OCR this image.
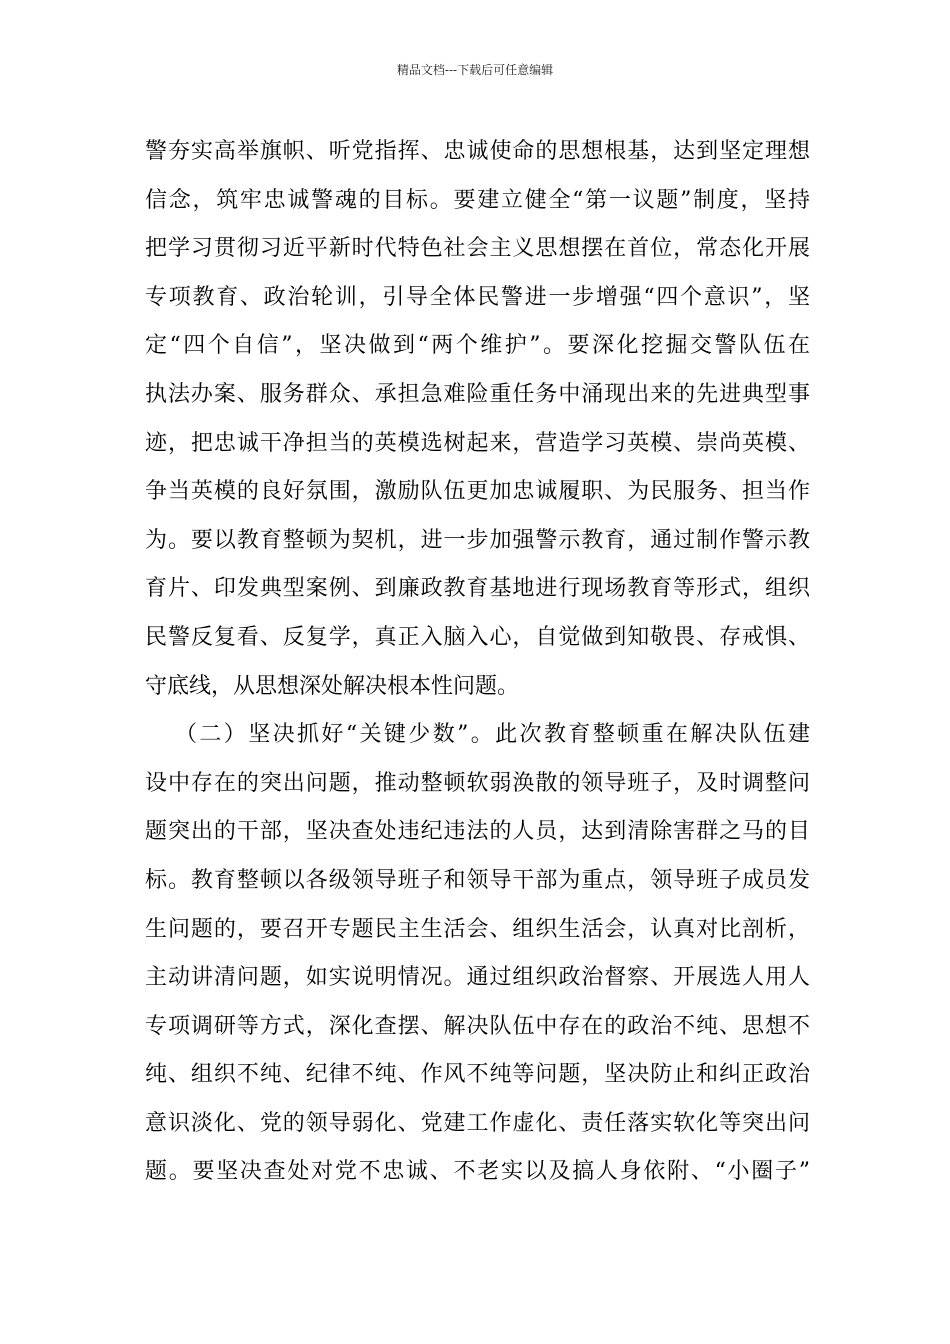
精品文档---下载后可任意编辑
警夯实高举旗帜、听党指挥、忠诚使命的思想根基，达到坚定理想
信念，筑牢忠诚警魂的目标。要建立健全“第一议题”制度，坚持
把学习贯彻习近平新时代特色社会主义思想摆在首位，常态化开展
专项教育、政治轮训，引导全体民警进一步增强“四个意识”，坚
定“四个自信”，坚决做到“两个维护”。要深化挖掘交警队伍在
执法办案、服务群众、承担急难险重任务中涌现出来的先进典型事
迹，把忠诚干净担当的英模选树起来，营造学习英模、崇尚英模、
争当英模的良好氛围，激励队伍更加忠诚履职、为民服务、担当作
为。要以教育整顿为契机，进一步加强警示教育，通过制作警示教
育片、印发典型案例、到廉政教育基地进行现场教育等形式，组织
民警反复看、反复学，真正入脑入心，自觉做到知敬畏、存戒惧、
守底线，从思想深处解决根本性问题。
（二）坚决抓好“关键少数”。此次教育整顿重在解决队伍建
设中存在的突出问题，推动整顿软弱涣散的领导班子，及时调整问
题突出的干部，坚决查处违纪违法的人员，达到清除害群之马的目
标。教育整顿以各级领导班子和领导干部为重点，领导班子成员发
生问题的，要召开专题民主生活会、组织生活会，认真对比剖析，
主动讲清问题，如实说明情况。通过组织政治督察、开展选人用人
专项调研等方式，深化查摆、解决队伍中存在的政治不纯、思想不
纯、组织不纯、纪律不纯、作风不纯等问题，坚决防止和纠正政治
意识淡化、党的领导弱化、党建工作虚化、责任落实软化等突出问
题。要坚决查处对党不忠诚、不老实以及搞人身依附、“小圈子”
